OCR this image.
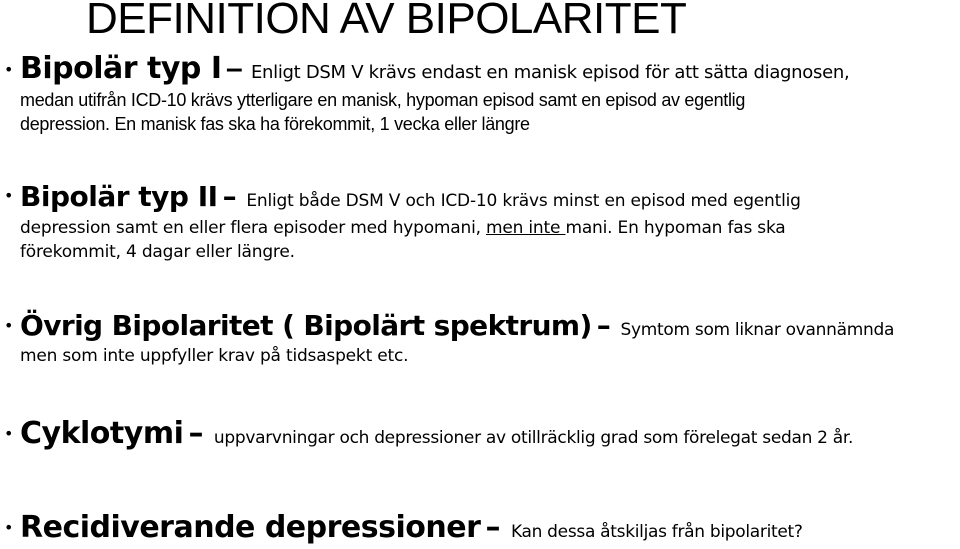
DEFINITION AV BIPOLARITET
• Bipolär typ I – Enligt DSM V krävs endast en manisk episod för att sätta diagnosen,
medan utifrån ICD-10 krävs ytterligare en manisk, hypoman episod samt en episod av egentlig
depression. En manisk fas ska ha förekommit, 1 vecka eller längre
• Bipolär typ II – Enligt både DSM V och ICD-10 krävs minst en episod med egentlig
depression samt en eller flera episoder med hypomani, men inte mani. En hypoman fas ska
förekommit, 4 dagar eller längre.
• Övrig Bipolaritet ( Bipolärt spektrum) – Symtom som liknar ovannämnda
men som inte uppfyller krav på tidsaspekt etc.
• Cyklotymi – uppvarvningar och depressioner av otillräcklig grad som förelegat sedan 2 år.
• Recidiverande depressioner – Kan dessa åtskiljas från bipolaritet?
